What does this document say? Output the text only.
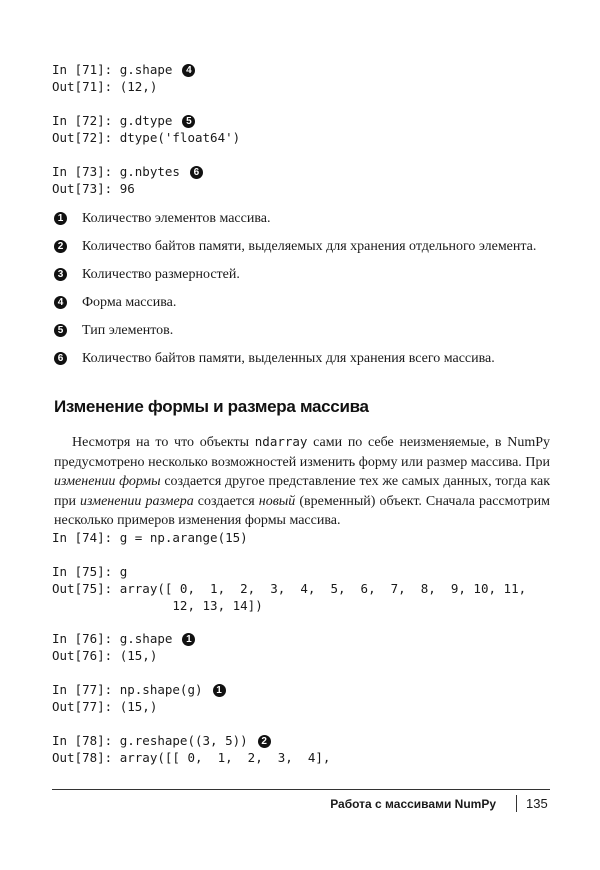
In [71]: g.shape 4
Out[71]: (12,)
In [72]: g.dtype 5
Out[72]: dtype('float64')
In [73]: g.nbytes 6
Out[73]: 96
1 Количество элементов массива.
2 Количество байтов памяти, выделяемых для хранения отдельного элемента.
3 Количество размерностей.
4 Форма массива.
5 Тип элементов.
6 Количество байтов памяти, выделенных для хранения всего массива.
Изменение формы и размера массива
Несмотря на то что объекты ndarray сами по себе неизменяемые, в NumPy предусмотрено несколько возможностей изменить форму или размер массива. При изменении формы создается другое представление тех же самых данных, тогда как при изменении размера создается новый (временный) объект. Сначала рассмотрим несколько примеров изменения формы массива.
In [74]: g = np.arange(15)
In [75]: g
Out[75]: array([ 0,  1,  2,  3,  4,  5,  6,  7,  8,  9, 10, 11,
12, 13, 14])
In [76]: g.shape 1
Out[76]: (15,)
In [77]: np.shape(g) 1
Out[77]: (15,)
In [78]: g.reshape((3, 5)) 2
Out[78]: array([[ 0,  1,  2,  3,  4],
Работа с массивами NumPy 135
